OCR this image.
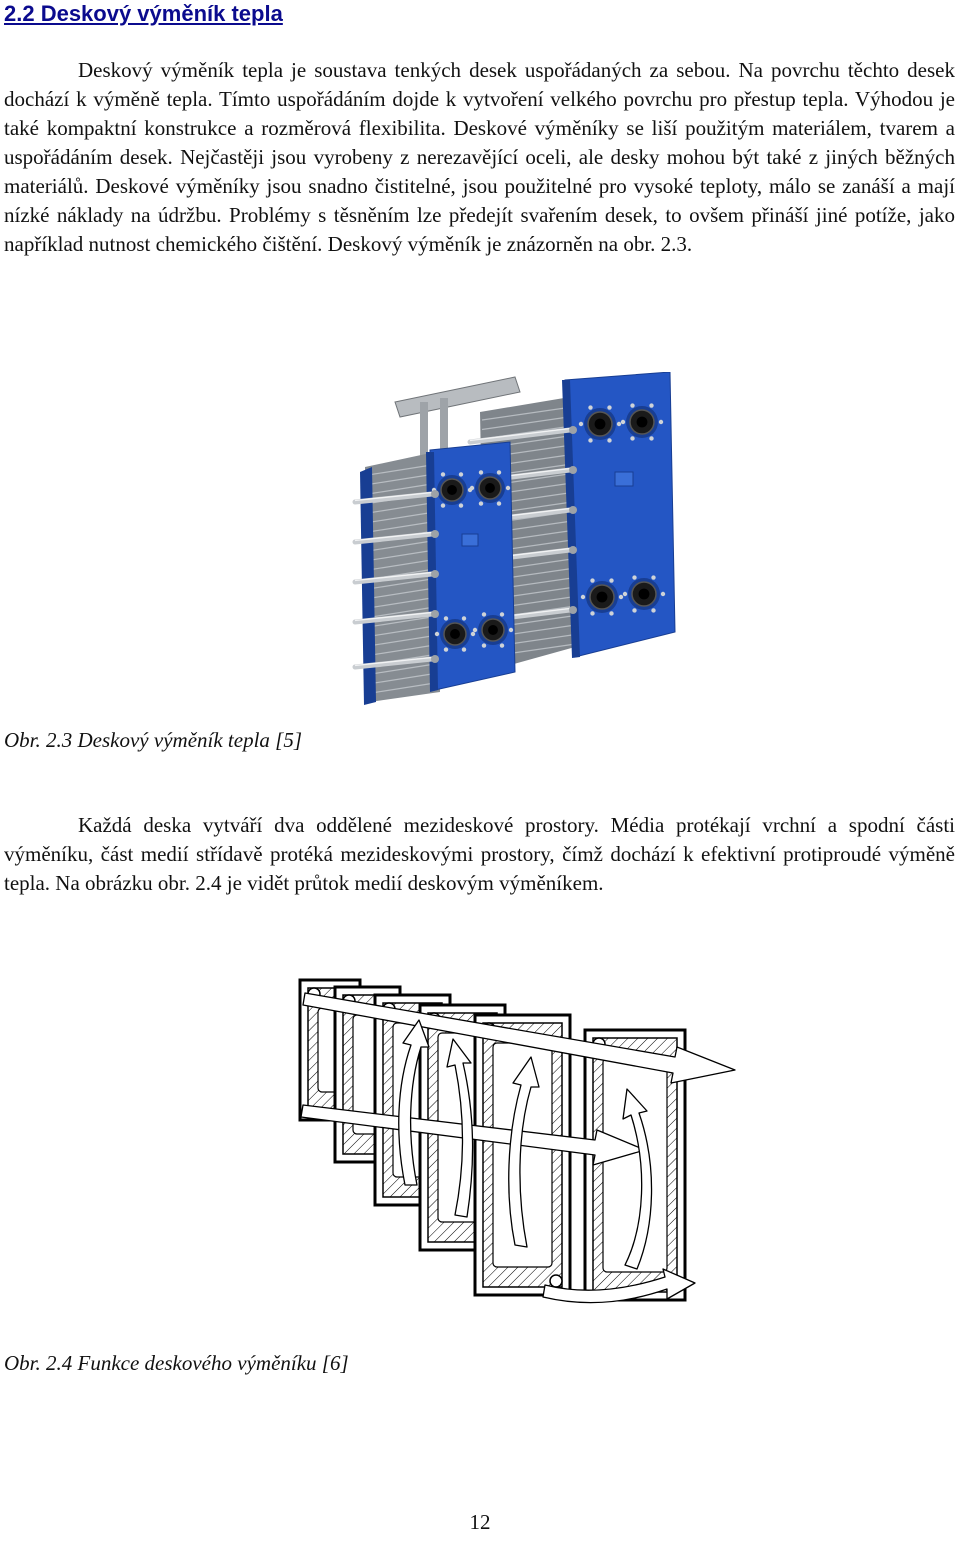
2.2 Deskový výměník tepla

Deskový výměník tepla je soustava tenkých desek uspořádaných za sebou. Na povrchu těchto desek dochází k výměně tepla. Tímto uspořádáním dojde k vytvoření velkého povrchu pro přestup tepla. Výhodou je také kompaktní konstrukce a rozměrová flexibilita. Deskové výměníky se liší použitým materiálem, tvarem a uspořádáním desek. Nejčastěji jsou vyrobeny z nerezavějící oceli, ale desky mohou být také z jiných běžných materiálů. Deskové výměníky jsou snadno čistitelné, jsou použitelné pro vysoké teploty, málo se zanáší a mají nízké náklady na údržbu. Problémy s těsněním lze předejít svařením desek, to ovšem přináší jiné potíže, jako například nutnost chemického čištění. Deskový výměník je znázorněn na obr. 2.3.

Obr. 2.3 Deskový výměník tepla [5]

Každá deska vytváří dva oddělené mezideskové prostory. Média protékají vrchní a spodní části výměníku, část medií střídavě protéká mezideskovými prostory, čímž dochází k efektivní protiproudé výměně tepla. Na obrázku obr. 2.4 je vidět průtok medií deskovým výměníkem.

Obr. 2.4 Funkce deskového výměníku [6]

12
